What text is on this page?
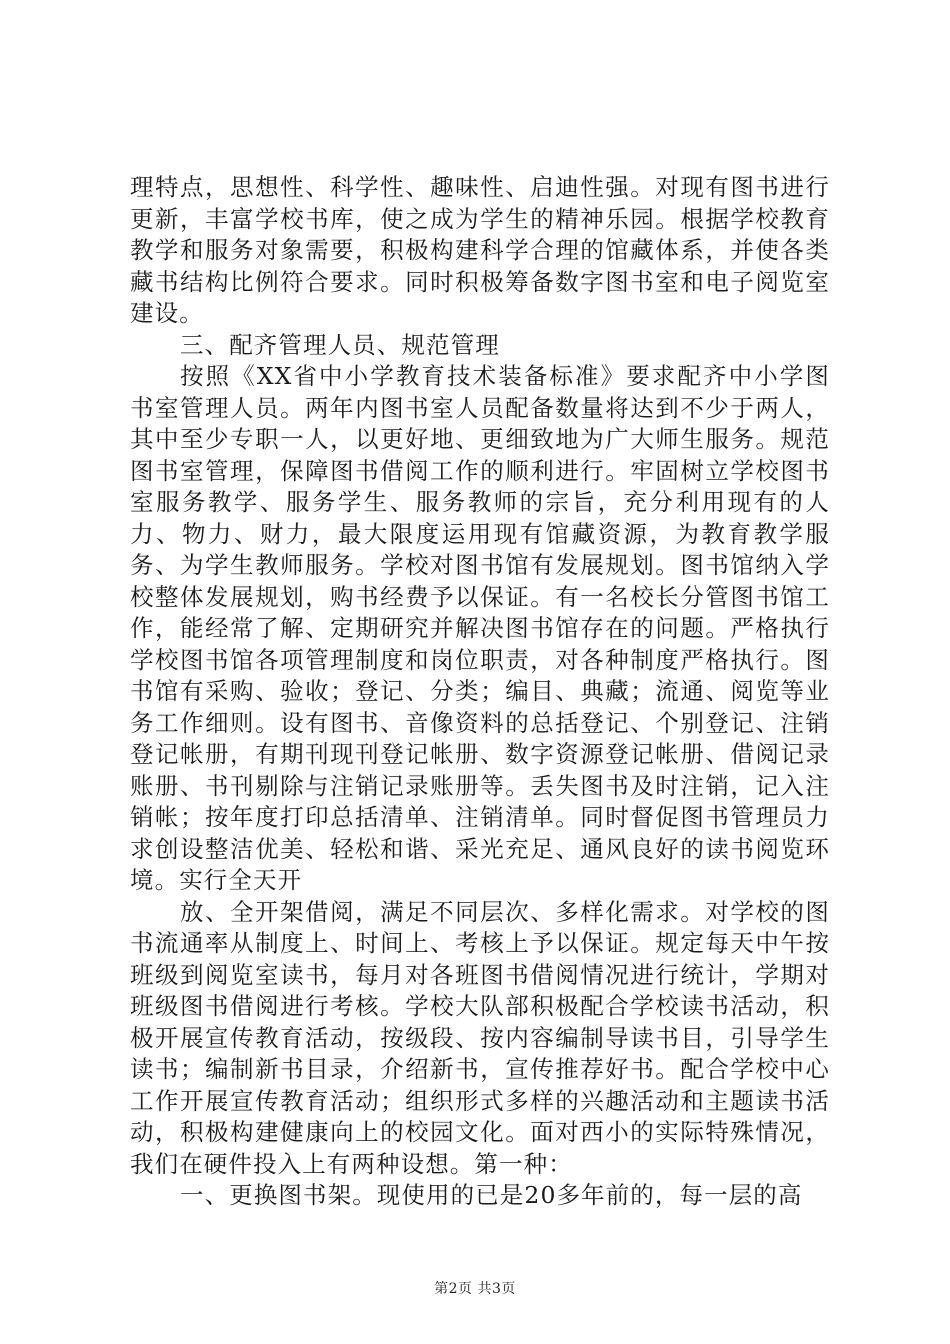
理特点，思想性、科学性、趣味性、启迪性强。对现有图书进行更新，丰富学校书库，使之成为学生的精神乐园。根据学校教育教学和服务对象需要，积极构建科学合理的馆藏体系，并使各类藏书结构比例符合要求。同时积极筹备数字图书室和电子阅览室建设。

三、配齐管理人员、规范管理

按照《XX省中小学教育技术装备标准》要求配齐中小学图书室管理人员。两年内图书室人员配备数量将达到不少于两人，其中至少专职一人，以更好地、更细致地为广大师生服务。规范图书室管理，保障图书借阅工作的顺利进行。牢固树立学校图书室服务教学、服务学生、服务教师的宗旨，充分利用现有的人力、物力、财力，最大限度运用现有馆藏资源，为教育教学服务、为学生教师服务。学校对图书馆有发展规划。图书馆纳入学校整体发展规划，购书经费予以保证。有一名校长分管图书馆工作，能经常了解、定期研究并解决图书馆存在的问题。严格执行学校图书馆各项管理制度和岗位职责，对各种制度严格执行。图书馆有采购、验收；登记、分类；编目、典藏；流通、阅览等业务工作细则。设有图书、音像资料的总括登记、个别登记、注销登记帐册，有期刊现刊登记帐册、数字资源登记帐册、借阅记录账册、书刊剔除与注销记录账册等。丢失图书及时注销，记入注销帐；按年度打印总括清单、注销清单。同时督促图书管理员力求创设整洁优美、轻松和谐、采光充足、通风良好的读书阅览环境。实行全天开

放、全开架借阅，满足不同层次、多样化需求。对学校的图书流通率从制度上、时间上、考核上予以保证。规定每天中午按班级到阅览室读书，每月对各班图书借阅情况进行统计，学期对班级图书借阅进行考核。学校大队部积极配合学校读书活动，积极开展宣传教育活动，按级段、按内容编制导读书目，引导学生读书；编制新书目录，介绍新书，宣传推荐好书。配合学校中心工作开展宣传教育活动；组织形式多样的兴趣活动和主题读书活动，积极构建健康向上的校园文化。面对西小的实际特殊情况，我们在硬件投入上有两种设想。第一种：

一、更换图书架。现使用的已是20多年前的，每一层的高

第2页 共3页
